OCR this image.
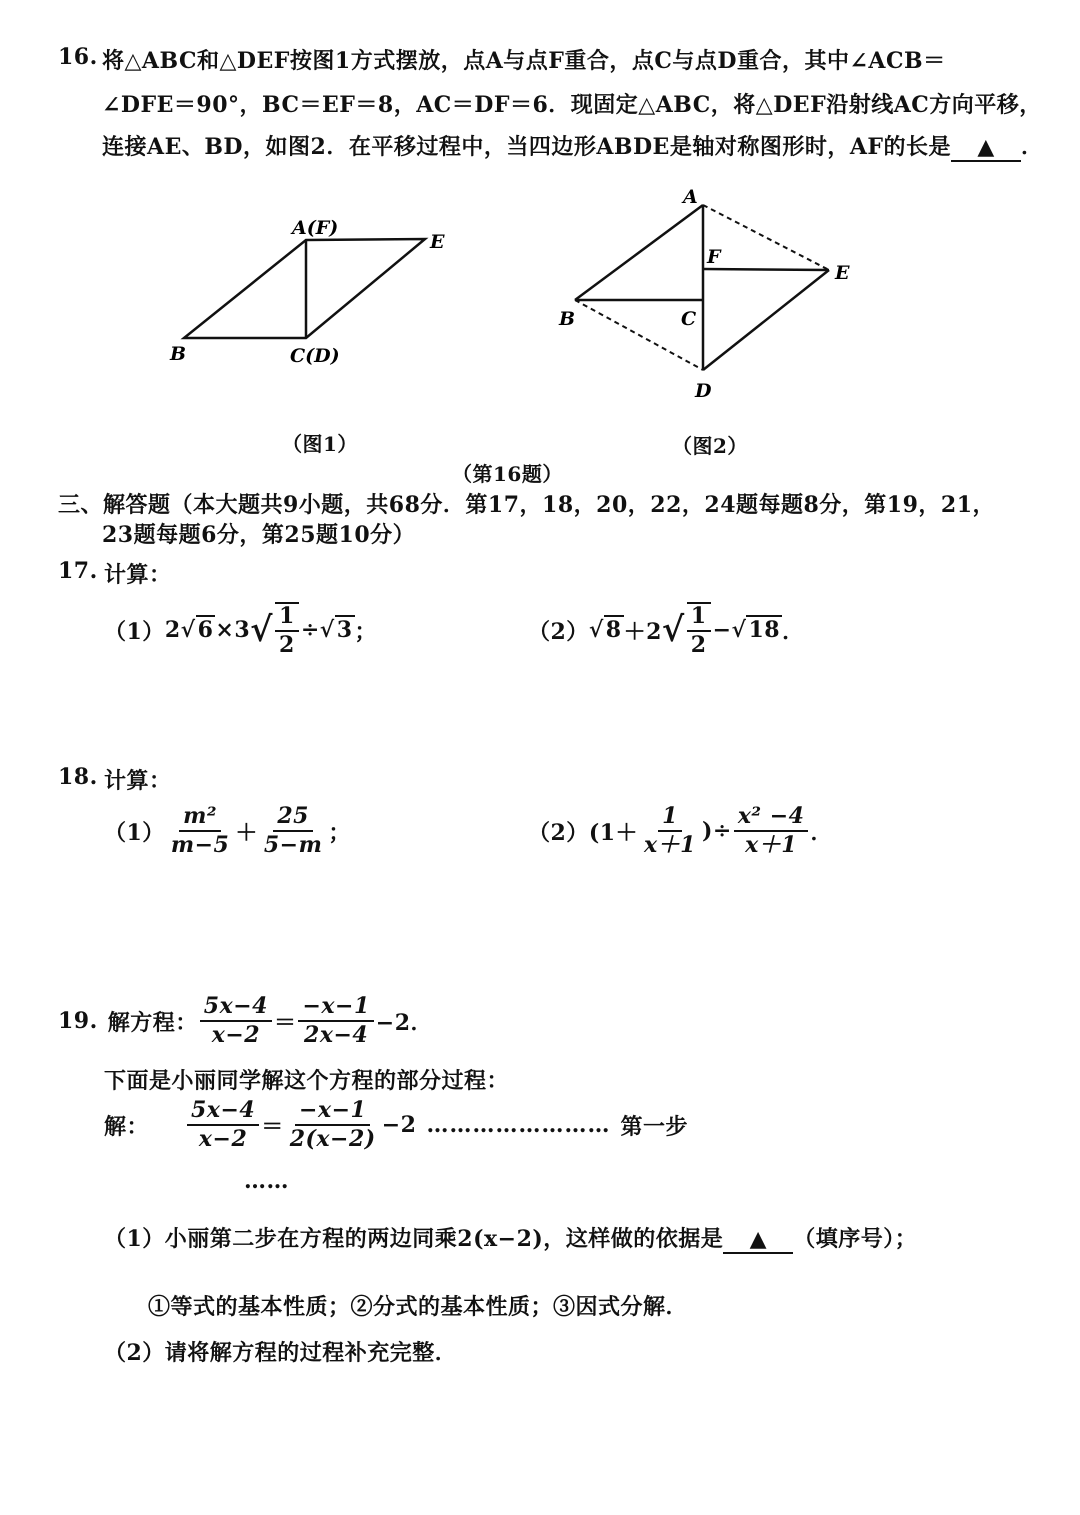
16. 将△ABC和△DEF按图1方式摆放，点A与点F重合，点C与点D重合，其中∠ACB＝
∠DFE＝90°，BC＝EF＝8，AC＝DF＝6．现固定△ABC，将△DEF沿射线AC方向平移，
连接AE、BD，如图2．在平移过程中，当四边形ABDE是轴对称图形时，AF的长是 ▲ ．
A(F)
E
B	C(D)
（图1）
A
F
E
B	C
D
（图2）
（第16题）
三、解答题（本大题共9小题，共68分．第17，18，20，22，24题每题8分，第19，21，
23题每题6分，第25题10分）
17. 计算：
（1） 2 √6 ×3 √ $\frac{1}{2} \div √3$ ；	（2） √8 ＋2 √ $\frac{1}{2} - √18$ ．
18. 计算：
$(1) \frac{\text{m²}}{m-5} + \frac{25}{5-m}$ ；	（2） ($1+ \frac{1}{x+1}$ )÷ $\frac{\text{x² −4}}{x+1}$ ．
19. 解方程： $\frac{5x-4}{x-2} = \frac{-x-1}{2x-4} -2$．
下面是小丽同学解这个方程的部分过程：
解： $\frac{5x-4}{x-2} = \frac{-x-1}{2(x-2)} -2$ …………………… 第一步
……
（1）小丽第二步在方程的两边同乘2(x−2)，这样做的依据是 ▲ （填序号）；
①等式的基本性质；②分式的基本性质；③因式分解．
（2）请将解方程的过程补充完整．
